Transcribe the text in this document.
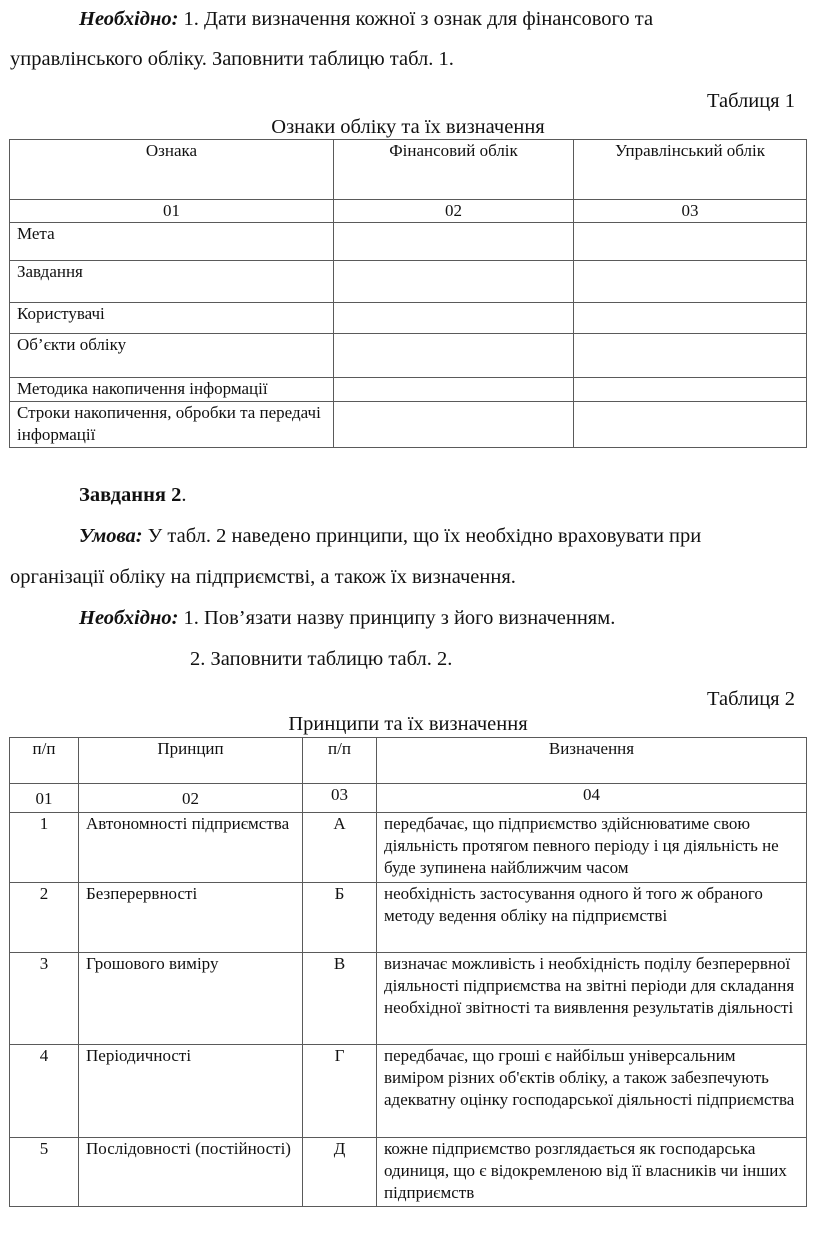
Необхідно: 1. Дати визначення кожної з ознак для фінансового та
управлінського обліку. Заповнити таблицю табл. 1.
Таблиця 1
Ознаки обліку та їх визначення
Ознака	Фінансовий облік	Управлінський облік
01	02	03
Мета		
Завдання		
Користувачі		
Об’єкти обліку		
Методика накопичення інформації		
Строки накопичення, обробки та передачі інформації		
Завдання 2.
Умова: У табл. 2 наведено принципи, що їх необхідно враховувати при
організації обліку на підприємстві, а також їх визначення.
Необхідно: 1. Пов’язати назву принципу з його визначенням.
2. Заповнити таблицю табл. 2.
Таблиця 2
Принципи та їх визначення
п/п	Принцип	п/п	Визначення
01	02	03	04
1	Автономності підприємства	А	передбачає, що підприємство здійснюватиме свою діяльність протягом певного періоду і ця діяльність не буде зупинена найближчим часом
2	Безперервності	Б	необхідність застосування одного й того ж обраного методу ведення обліку на підприємстві
3	Грошового виміру	В	визначає можливість і необхідність поділу безперервної діяльності підприємства на звітні періоди для складання необхідної звітності та виявлення результатів діяльності
4	Періодичності	Г	передбачає, що гроші є найбільш універсальним виміром різних об'єктів обліку, а також забезпечують адекватну оцінку господарської діяльності підприємства
5	Послідовності (постійності)	Д	кожне підприємство розглядається як господарська одиниця, що є відокремленою від її власників чи інших підприємств
